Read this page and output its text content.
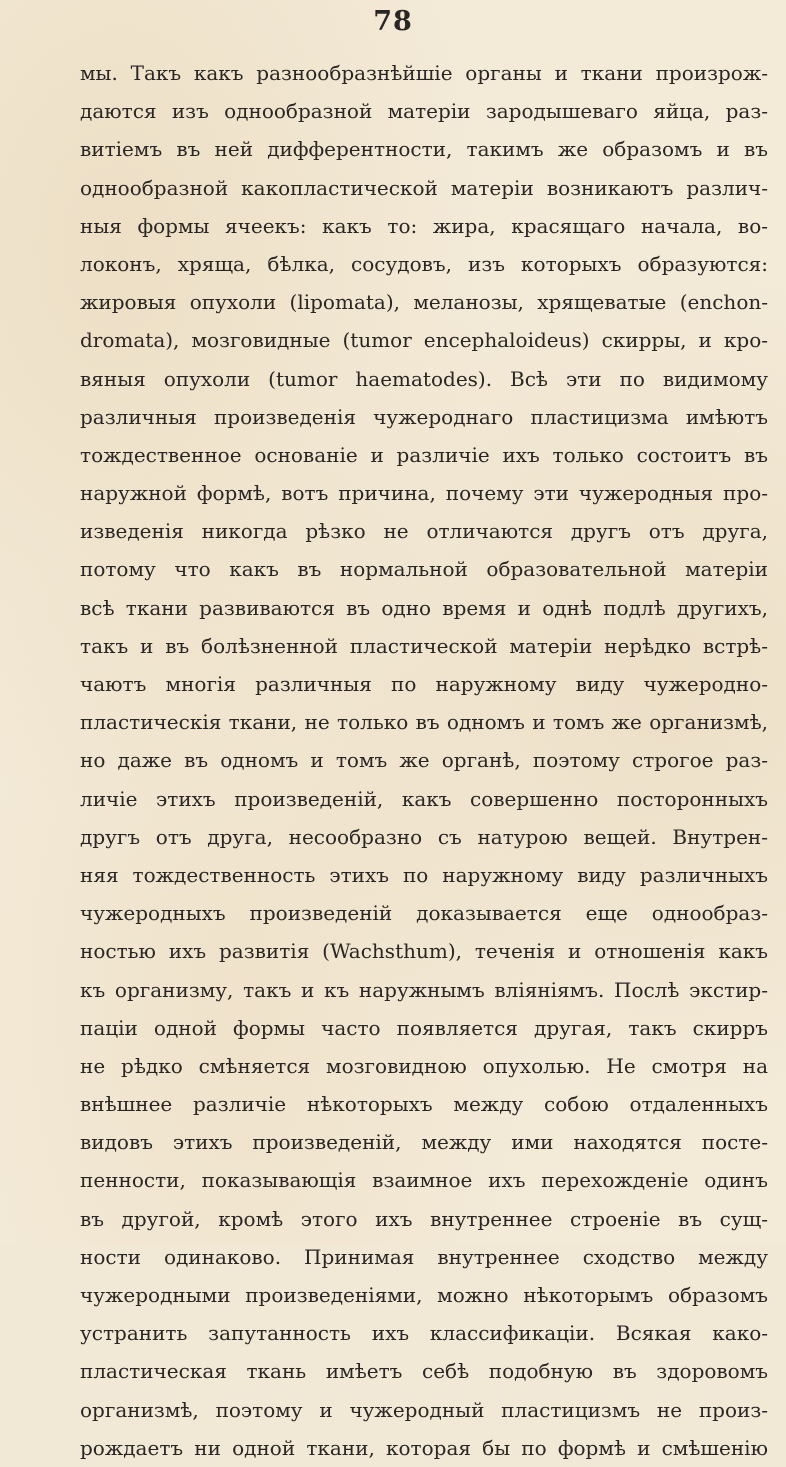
78
мы. Такъ какъ разнообразнѣйшiе органы и ткани произрож-
даются изъ однообразной матерiи зародышеваго яйца, раз-
витiемъ въ ней диффeрентности, такимъ же образомъ и въ
однообразной какопластической матерiи возникаютъ различ-
ныя формы ячеекъ: какъ то: жира, красящаго начала, во-
локонъ, хряща, бѣлка, сосудовъ, изъ которыхъ образуются:
жировыя опухоли (lipomata), меланозы, хрящеватые (enchon-
dromata), мозговидные (tumor encephaloideus) скирры, и кро-
вяныя опухоли (tumor haematodes). Всѣ эти по видимому
различныя произведенiя чужероднаго пластицизма имѣютъ
тождественное основанiе и различiе ихъ только состоитъ въ
наружной формѣ, вотъ причина, почему эти чужеродныя про-
изведенiя никогда рѣзко не отличаются другъ отъ друга,
потому что какъ въ нормальной образовательной матерiи
всѣ ткани развиваются въ одно время и однѣ подлѣ другихъ,
такъ и въ болѣзненной пластической матерiи нерѣдко встрѣ-
чаютъ многiя различныя по наружному виду чужеродно-
пластическiя ткани, не только въ одномъ и томъ же организмѣ,
но даже въ одномъ и томъ же органѣ, поэтому строгое раз-
личiе этихъ произведенiй, какъ совершенно посторонныхъ
другъ отъ друга, несообразно съ натурою вещей. Внутрен-
няя тождественность этихъ по наружному виду различныхъ
чужеродныхъ произведенiй доказывается еще однообраз-
ностью ихъ развитiя (Wachsthum), теченiя и отношенiя какъ
къ организму, такъ и къ наружнымъ влiянiямъ. Послѣ экстир-
пацiи одной формы часто появляется другая, такъ скирръ
не рѣдко смѣняется мозговидною опухолью. Не смотря на
внѣшнее различiе нѣкоторыхъ между собою отдаленныхъ
видовъ этихъ произведенiй, между ими находятся посте-
пенности, показывающiя взаимное ихъ перехожденiе одинъ
въ другой, кромѣ этого ихъ внутреннее строенiе въ сущ-
ности одинаково. Принимая внутреннее сходство между
чужеродными произведенiями, можно нѣкоторымъ образомъ
устранить запутанность ихъ классификацiи. Всякая како-
пластическая ткань имѣетъ себѣ подобную въ здоровомъ
организмѣ, поэтому и чужеродный пластицизмъ не произ-
рождаетъ ни одной ткани, которая бы по формѣ и смѣшенiю
